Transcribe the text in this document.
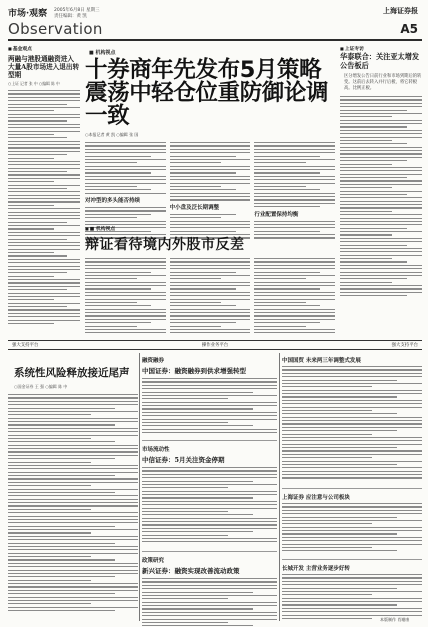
市场·观察 2005年6月8日 星期三
责任编辑：黄 凯
上海证券报
Observation	A5
■ 基金观点
两融与港股通融资进入大量A股市场进入退出转型期
○上证 记者 张 中 ○编辑 陈 中
■ 机构视点
十券商年先发布5月策略
震荡中轻仓位重防御论调一致
○本报记者 黄 凯 ○编辑 张 国
对冲型的多头能否持续
中小盘及泛长期调整
行业配置保持均衡
■ 上证专访
华泰联合：关注亚太增发公告板后
区分增发公告日前行业和市场到期后的转变。这前后去转入并行后板，将它转板高。比例正板。
■ ■ 机构视点
辩证看待境内外股市反差
强大支持平台	操作业务平台	强大支持平台
系统性风险释放接近尾声
○国金证券 王 强 ○编辑 陈 中
融资融券
中国证券：融资融券到供求增强转型
市场流动性
中信证券：5月关注资金停期
政策研究
新兴证券：融资实现改善流动政策
中国国贸 未来两三年调整式发展
上海证券 应注意与公司板块
长城开发 主营业务逐步好转
本版制作 肖谢康
